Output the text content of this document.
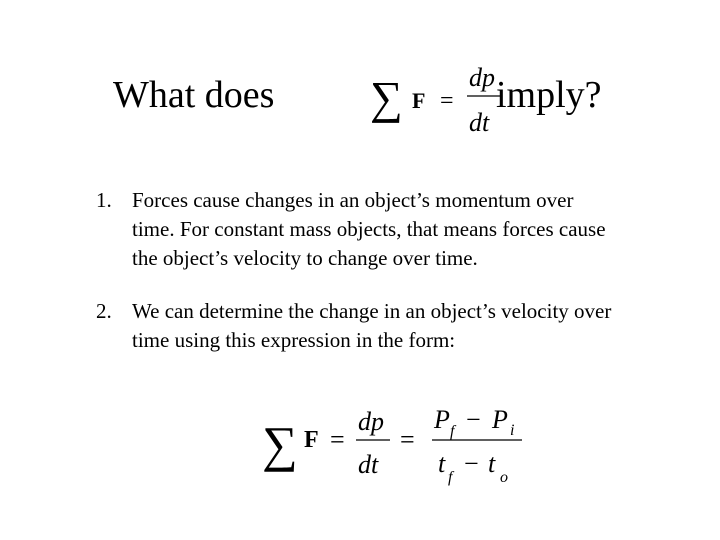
What does ∑ F =
dp
dt
imply?
1. Forces cause changes in an object’s momentum over time. For constant mass objects, that means forces cause the object’s velocity to change over time.
2. We can determine the change in an object’s velocity over time using this expression in the form:
∑ F =
dp
dt
=
P f − P i
t f − t o
